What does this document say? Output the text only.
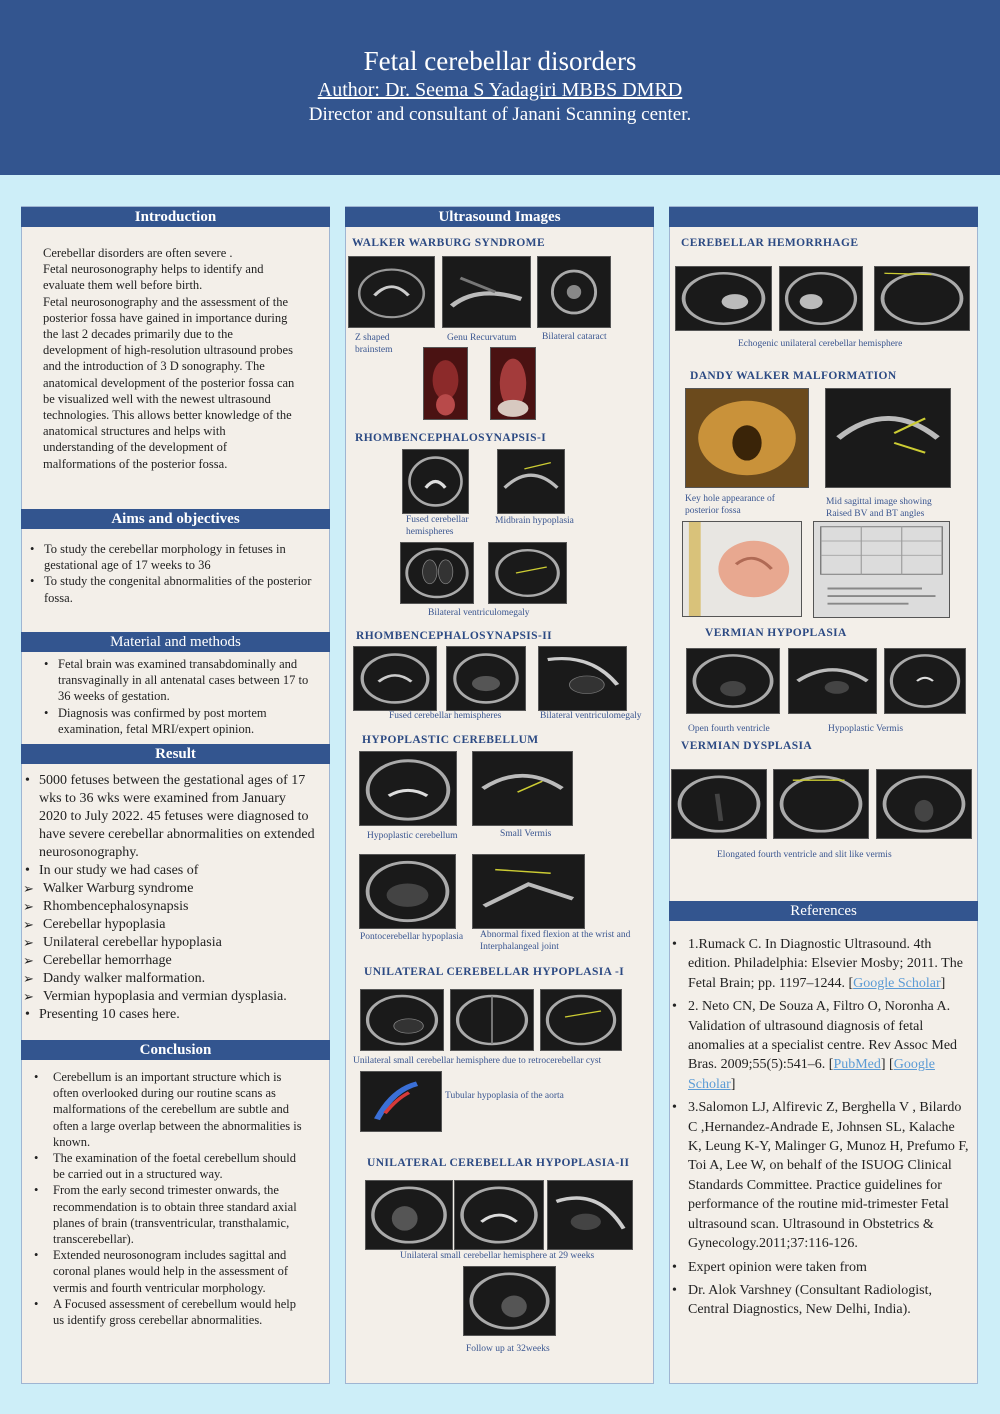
Fetal cerebellar disorders
Author: Dr. Seema S Yadagiri MBBS DMRD
Director and consultant of Janani Scanning center.
Introduction
Cerebellar disorders are often severe .
Fetal neurosonography helps to identify and
evaluate them well before birth.
Fetal neurosonography and the assessment of the
posterior fossa have gained in importance during
the last 2 decades primarily due to the
development of high-resolution ultrasound probes
and the introduction of 3 D sonography. The
anatomical development of the posterior fossa can
be visualized well with the newest ultrasound
technologies. This allows better knowledge of the
anatomical structures and helps with
understanding of the development of
malformations of the posterior fossa.
Aims and objectives
• To study the cerebellar morphology in fetuses in gestational age of 17 weeks to 36
• To study the congenital abnormalities of the posterior fossa.
Material and methods
• Fetal brain was examined transabdominally and transvaginally in all antenatal cases between 17 to 36 weeks of gestation.
• Diagnosis was confirmed by post mortem examination, fetal MRI/expert opinion.
Result
• 5000 fetuses between the gestational ages of 17 wks to 36 wks were examined from January 2020 to July 2022. 45 fetuses were diagnosed to have severe cerebellar abnormalities on extended neurosonography.
• In our study we had cases of
➢ Walker Warburg syndrome
➢ Rhombencephalosynapsis
➢ Cerebellar hypoplasia
➢ Unilateral cerebellar hypoplasia
➢ Cerebellar hemorrhage
➢ Dandy walker malformation.
➢ Vermian hypoplasia and vermian dysplasia.
• Presenting 10 cases here.
Conclusion
• Cerebellum is an important structure which is often overlooked during our routine scans as malformations of the cerebellum are subtle and often a large overlap between the abnormalities is known.
• The examination of the foetal cerebellum should be carried out in a structured way.
• From the early second trimester onwards, the recommendation is to obtain three standard axial planes of brain (transventricular, transthalamic, transcerebellar).
• Extended neurosonogram includes sagittal and coronal planes would help in the assessment of vermis and fourth ventricular morphology.
• A Focused assessment of cerebellum would help us identify gross cerebellar abnormalities.
Ultrasound Images
WALKER WARBURG SYNDROME
Z shaped brainstem
Genu Recurvatum	Bilateral cataract
RHOMBENCEPHALOSYNAPSIS-I
Fused cerebellar hemispheres
Midbrain hypoplasia
Bilateral ventriculomegaly
RHOMBENCEPHALOSYNAPSIS-II
Fused cerebellar hemispheres	Bilateral ventriculomegaly
HYPOPLASTIC CEREBELLUM
Hypoplastic cerebellum	Small Vermis
Pontocerebellar hypoplasia Abnormal fixed flexion at the wrist and Interphalangeal joint
UNILATERAL CEREBELLAR HYPOPLASIA -I
Unilateral small cerebellar hemisphere due to retrocerebellar cyst
Tubular hypoplasia of the aorta
UNILATERAL CEREBELLAR HYPOPLASIA-II
Unilateral small cerebellar hemisphere at 29 weeks
Follow up at 32weeks
CEREBELLAR HEMORRHAGE
Echogenic unilateral cerebellar hemisphere
DANDY WALKER MALFORMATION
Key hole appearance of posterior fossa
Mid sagittal image showing Raised BV and BT angles
VERMIAN HYPOPLASIA
Open fourth ventricle	Hypoplastic Vermis
VERMIAN DYSPLASIA
Elongated fourth ventricle and slit like vermis
References
• 1.Rumack C. In Diagnostic Ultrasound. 4th edition. Philadelphia: Elsevier Mosby; 2011. The Fetal Brain; pp. 1197–1244. [Google Scholar]
• 2. Neto CN, De Souza A, Filtro O, Noronha A. Validation of ultrasound diagnosis of fetal anomalies at a specialist centre. Rev Assoc Med Bras. 2009;55(5):541–6. [PubMed] [Google Scholar]
• 3.Salomon LJ, Alfirevic Z, Berghella V , Bilardo C ,Hernandez-Andrade E, Johnsen SL, Kalache K, Leung K-Y, Malinger G, Munoz H, Prefumo F, Toi A, Lee W, on behalf of the ISUOG Clinical Standards Committee. Practice guidelines for performance of the routine mid-trimester Fetal ultrasound scan. Ultrasound in Obstetrics & Gynecology.2011;37:116-126.
• Expert opinion were taken from
• Dr. Alok Varshney (Consultant Radiologist, Central Diagnostics, New Delhi, India).
